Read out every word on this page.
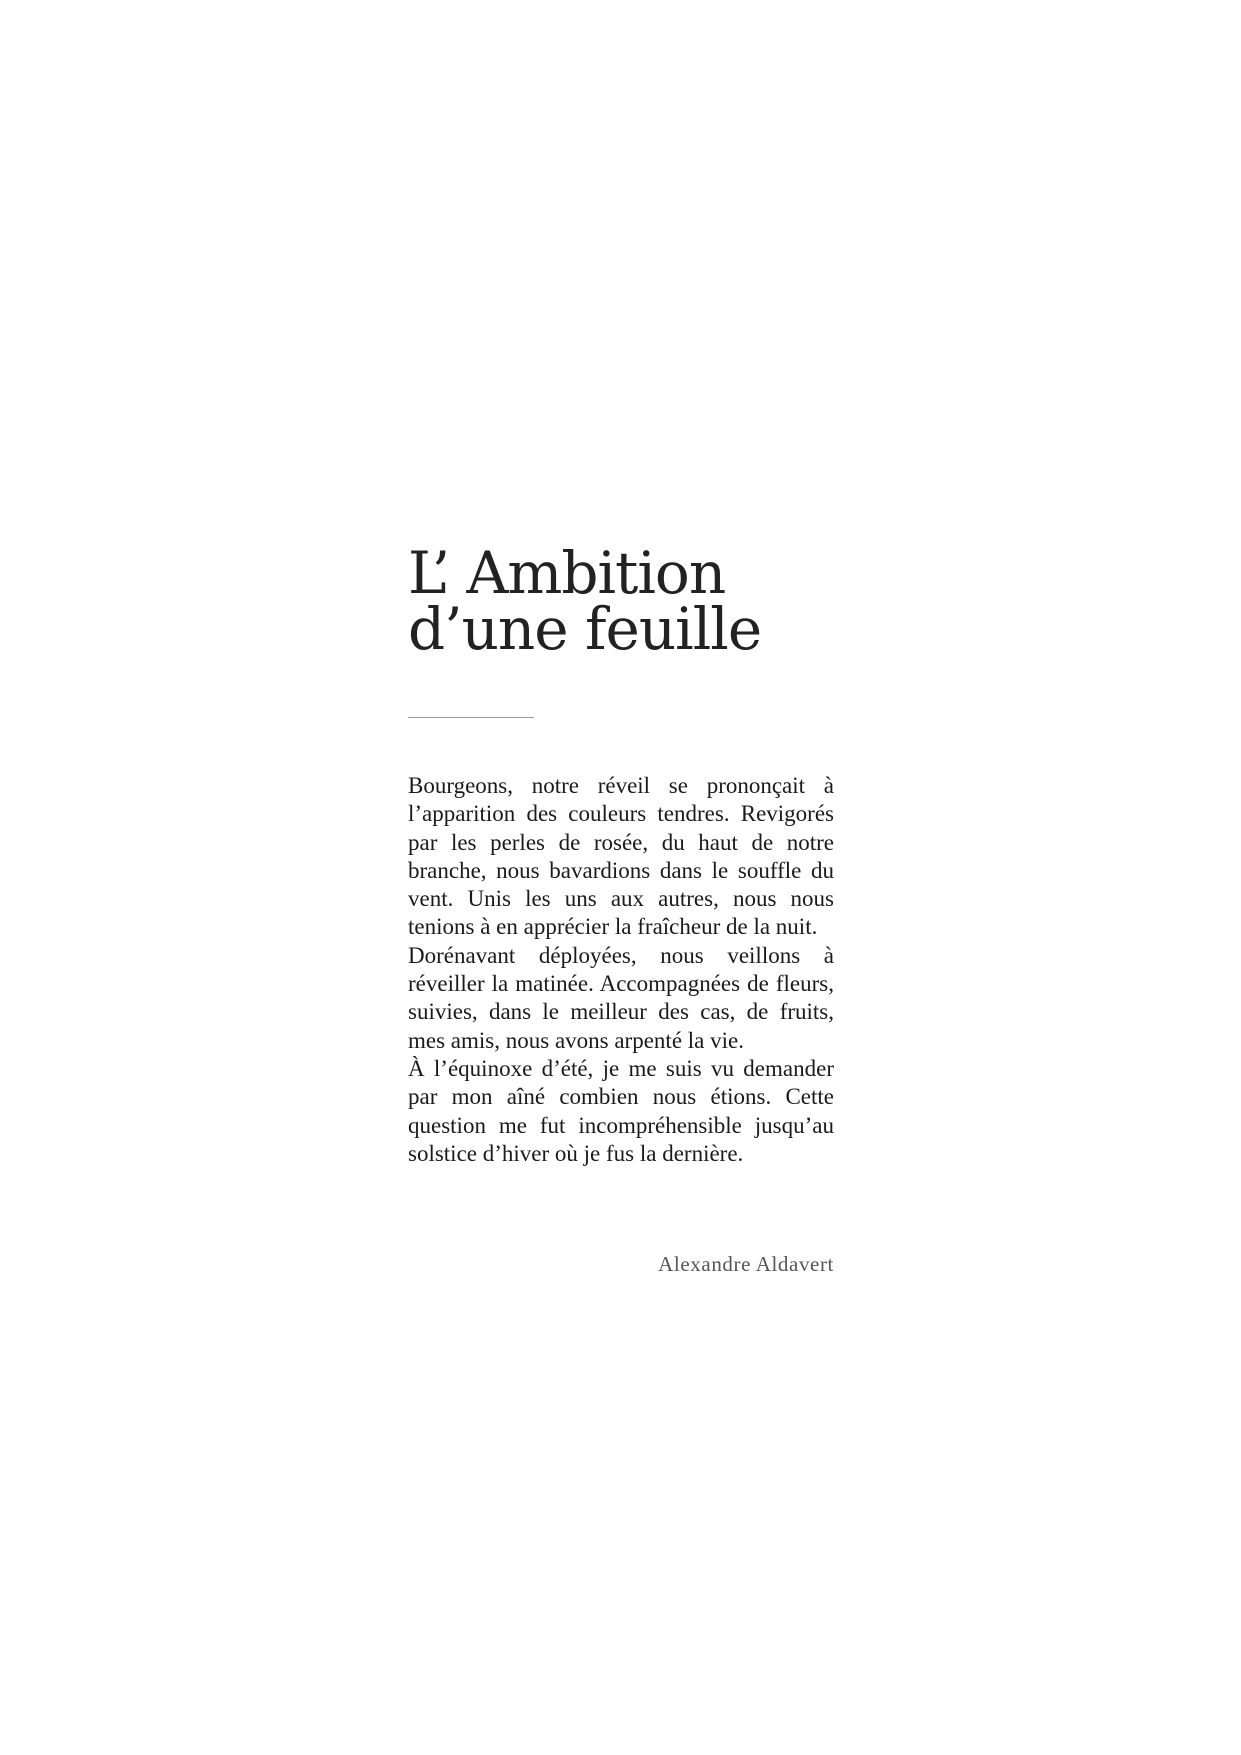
L’ Ambition
d’une feuille

Bourgeons, notre réveil se prononçait à l’apparition des couleurs tendres. Revigorés par les perles de rosée, du haut de notre branche, nous bavardions dans le souffle du vent. Unis les uns aux autres, nous nous tenions à en apprécier la fraîcheur de la nuit.

Dorénavant déployées, nous veillons à réveiller la matinée. Accompagnées de fleurs, suivies, dans le meilleur des cas, de fruits, mes amis, nous avons arpenté la vie.

À l’équinoxe d’été, je me suis vu demander par mon aîné combien nous étions. Cette question me fut incompréhensible jusqu’au solstice d’hiver où je fus la dernière.

Alexandre Aldavert
